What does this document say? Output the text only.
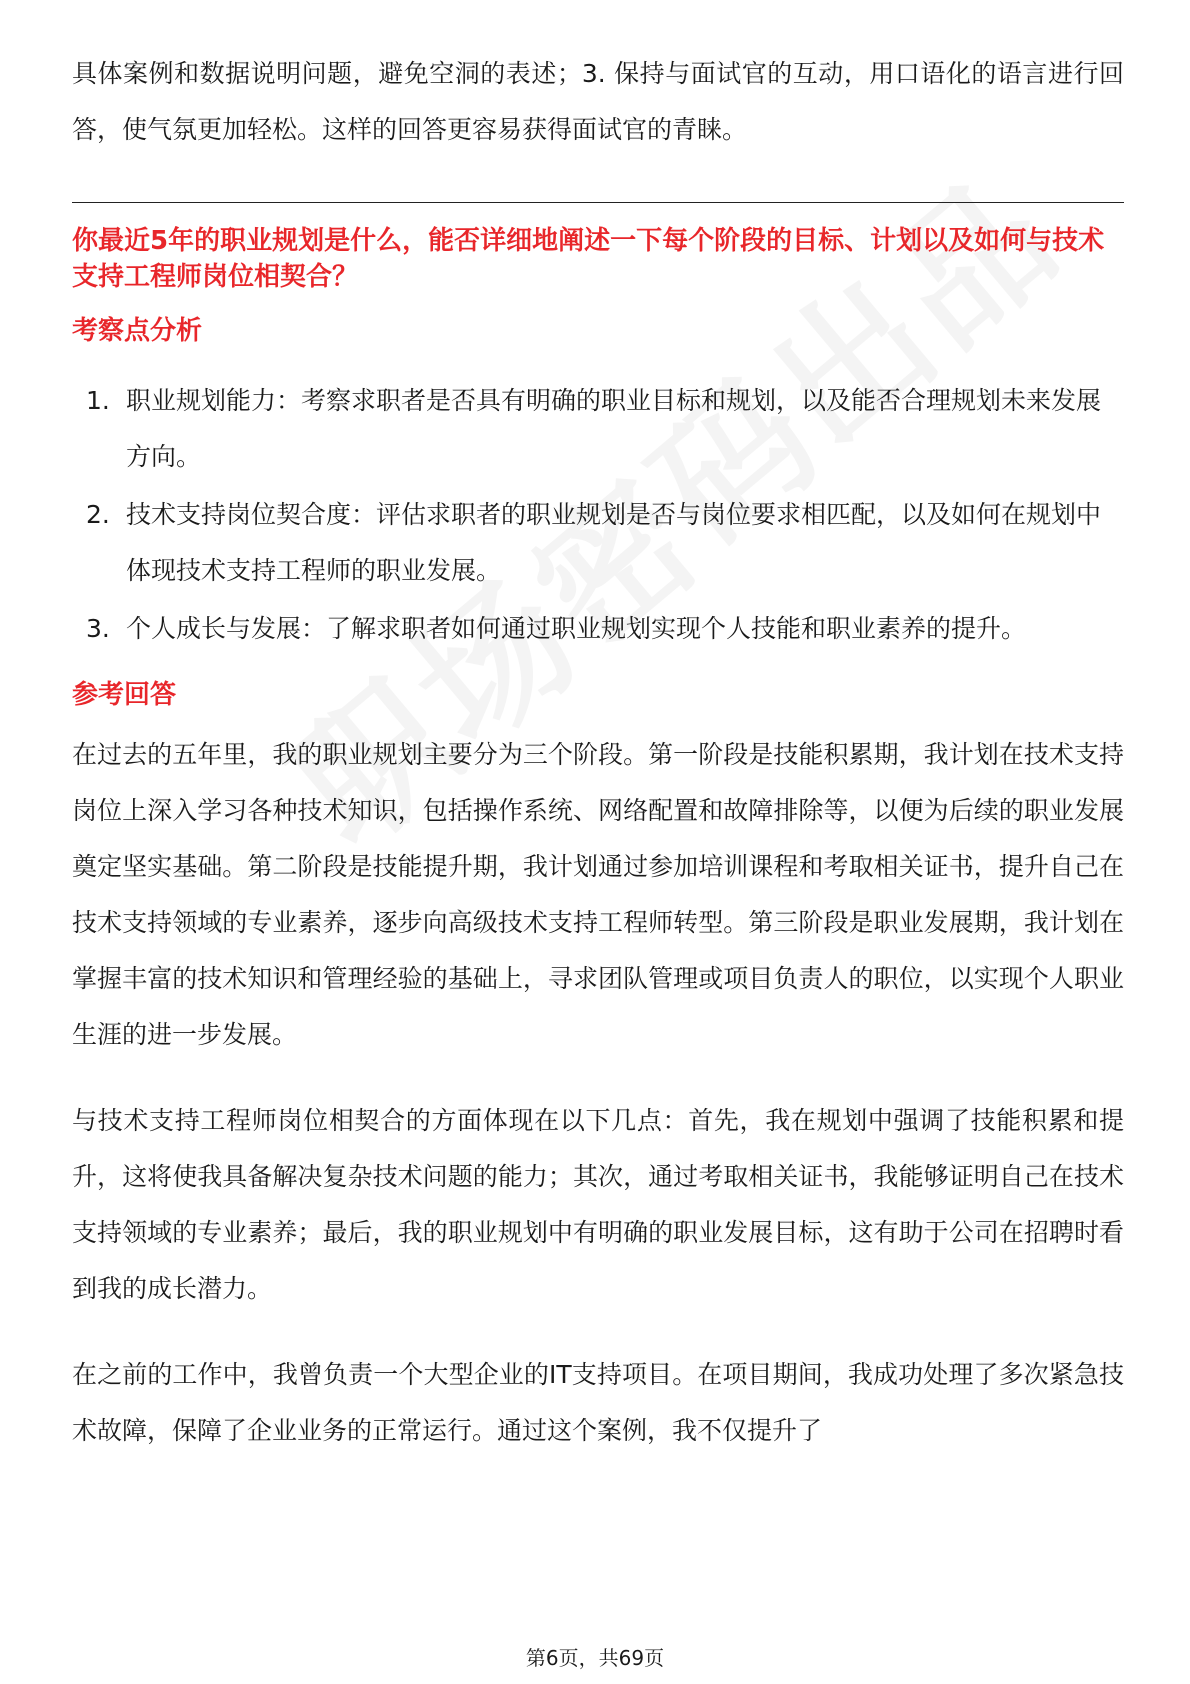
具体案例和数据说明问题，避免空洞的表述；3. 保持与面试官的互动，用口语化的语言进行回答，使气氛更加轻松。这样的回答更容易获得面试官的青睐。

你最近5年的职业规划是什么，能否详细地阐述一下每个阶段的目标、计划以及如何与技术支持工程师岗位相契合？

考察点分析
1. 职业规划能力：考察求职者是否具有明确的职业目标和规划，以及能否合理规划未来发展方向。
2. 技术支持岗位契合度：评估求职者的职业规划是否与岗位要求相匹配，以及如何在规划中体现技术支持工程师的职业发展。
3. 个人成长与发展：了解求职者如何通过职业规划实现个人技能和职业素养的提升。
参考回答

在过去的五年里，我的职业规划主要分为三个阶段。第一阶段是技能积累期，我计划在技术支持岗位上深入学习各种技术知识，包括操作系统、网络配置和故障排除等，以便为后续的职业发展奠定坚实基础。第二阶段是技能提升期，我计划通过参加培训课程和考取相关证书，提升自己在技术支持领域的专业素养，逐步向高级技术支持工程师转型。第三阶段是职业发展期，我计划在掌握丰富的技术知识和管理经验的基础上，寻求团队管理或项目负责人的职位，以实现个人职业生涯的进一步发展。

与技术支持工程师岗位相契合的方面体现在以下几点：首先，我在规划中强调了技能积累和提升，这将使我具备解决复杂技术问题的能力；其次，通过考取相关证书，我能够证明自己在技术支持领域的专业素养；最后，我的职业规划中有明确的职业发展目标，这有助于公司在招聘时看到我的成长潜力。

在之前的工作中，我曾负责一个大型企业的IT支持项目。在项目期间，我成功处理了多次紧急技术故障，保障了企业业务的正常运行。通过这个案例，我不仅提升了

第6页，共69页
